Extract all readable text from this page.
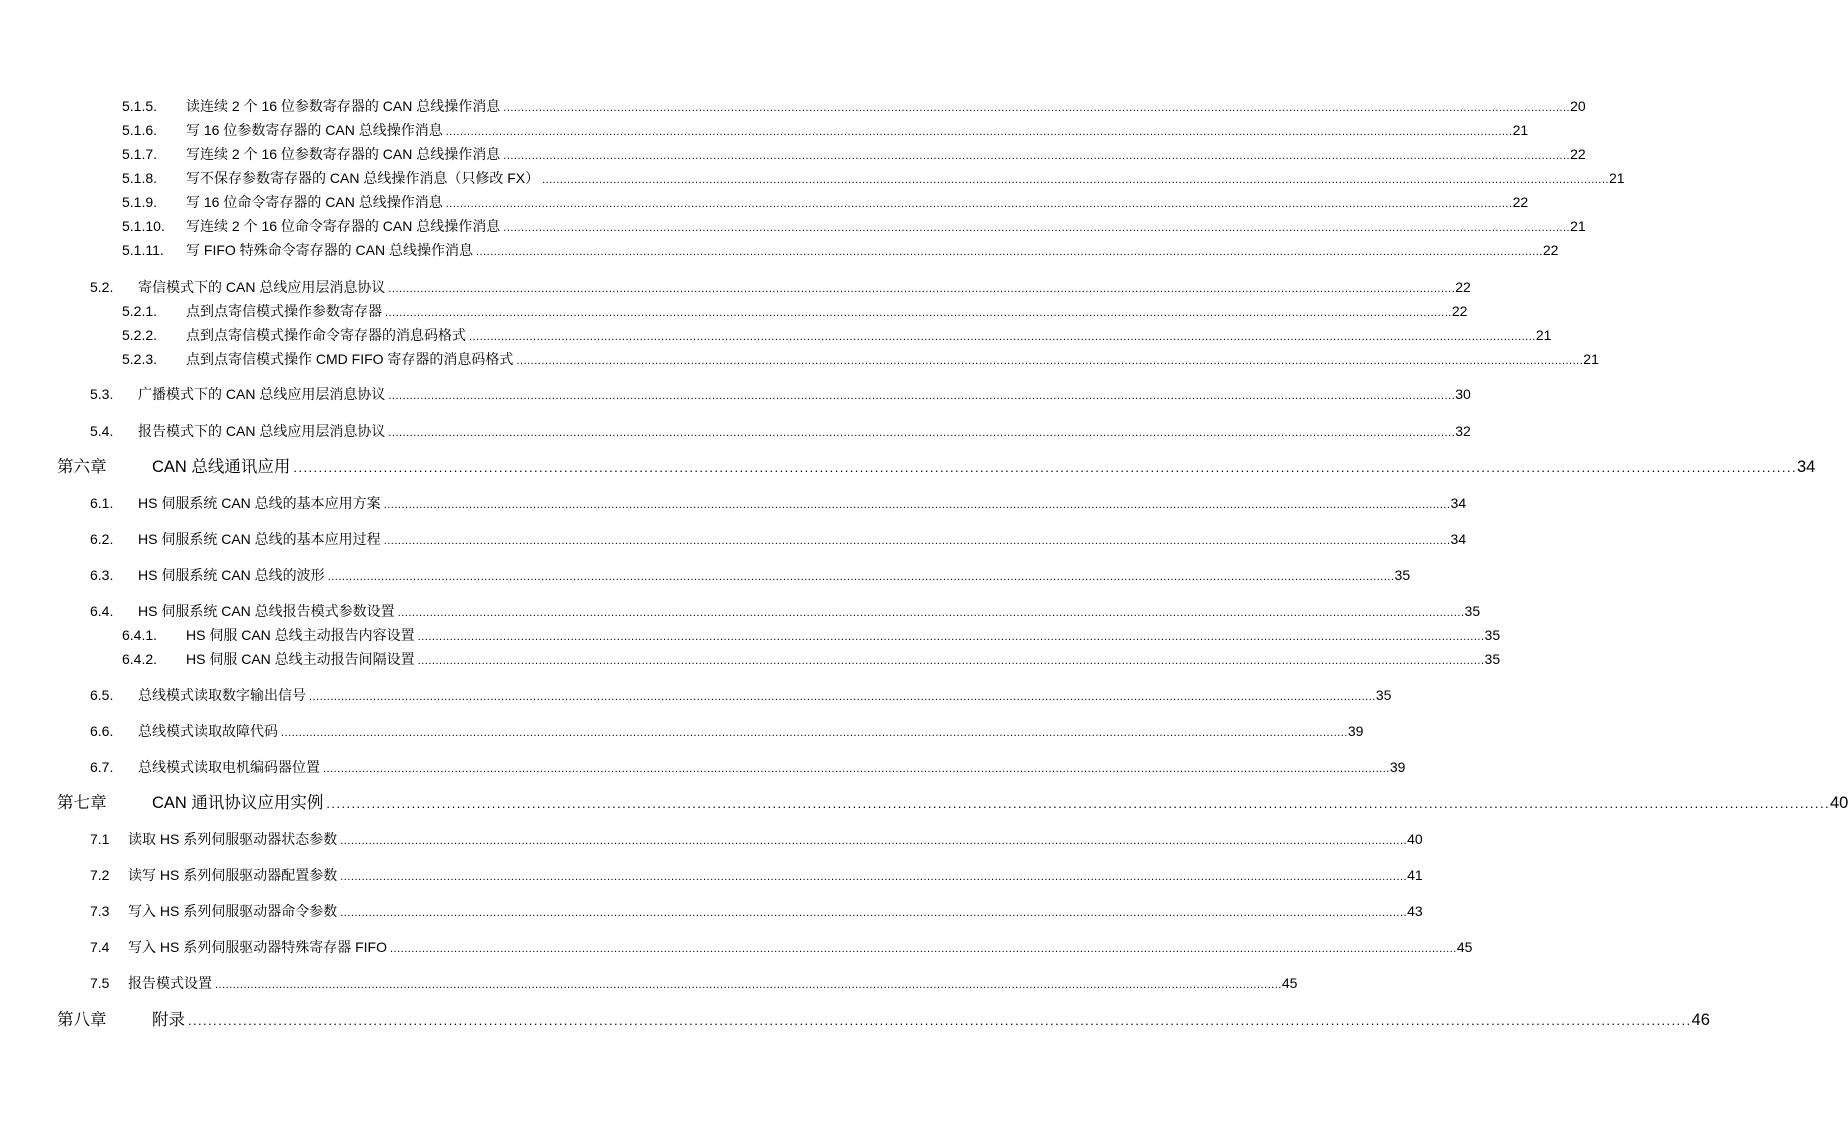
5.1.5.	读连续 2 个 16 位参数寄存器的 CAN 总线操作消息 ............................................................................................................................................................................................................................................................................................................ 20
5.1.6.	写 16 位参数寄存器的 CAN 总线操作消息 ............................................................................................................................................................................................................................................................................................................ 21
5.1.7.	写连续 2 个 16 位参数寄存器的 CAN 总线操作消息 ............................................................................................................................................................................................................................................................................................................ 22
5.1.8.	写不保存参数寄存器的 CAN 总线操作消息（只修改 FX） ............................................................................................................................................................................................................................................................................................................ 21
5.1.9.	写 16 位命令寄存器的 CAN 总线操作消息 ............................................................................................................................................................................................................................................................................................................ 22
5.1.10.	写连续 2 个 16 位命令寄存器的 CAN 总线操作消息 ............................................................................................................................................................................................................................................................................................................ 21
5.1.11.	写 FIFO 特殊命令寄存器的 CAN 总线操作消息 ............................................................................................................................................................................................................................................................................................................ 22
5.2.	寄信模式下的 CAN 总线应用层消息协议 ............................................................................................................................................................................................................................................................................................................ 22
5.2.1.	点到点寄信模式操作参数寄存器 ............................................................................................................................................................................................................................................................................................................ 22
5.2.2.	点到点寄信模式操作命令寄存器的消息码格式 ............................................................................................................................................................................................................................................................................................................ 21
5.2.3.	点到点寄信模式操作 CMD FIFO 寄存器的消息码格式 ............................................................................................................................................................................................................................................................................................................ 21
5.3.	广播模式下的 CAN 总线应用层消息协议 ............................................................................................................................................................................................................................................................................................................ 30
5.4.	报告模式下的 CAN 总线应用层消息协议 ............................................................................................................................................................................................................................................................................................................ 32
第六章	CAN 总线通讯应用 ............................................................................................................................................................................................................................................................................................................ 34
6.1.	HS 伺服系统 CAN 总线的基本应用方案 ............................................................................................................................................................................................................................................................................................................ 34
6.2.	HS 伺服系统 CAN 总线的基本应用过程 ............................................................................................................................................................................................................................................................................................................ 34
6.3.	HS 伺服系统 CAN 总线的波形 ............................................................................................................................................................................................................................................................................................................ 35
6.4.	HS 伺服系统 CAN 总线报告模式参数设置 ............................................................................................................................................................................................................................................................................................................ 35
6.4.1.	HS 伺服 CAN 总线主动报告内容设置 ............................................................................................................................................................................................................................................................................................................ 35
6.4.2.	HS 伺服 CAN 总线主动报告间隔设置 ............................................................................................................................................................................................................................................................................................................ 35
6.5.	总线模式读取数字输出信号 ............................................................................................................................................................................................................................................................................................................ 35
6.6.	总线模式读取故障代码 ............................................................................................................................................................................................................................................................................................................ 39
6.7.	总线模式读取电机编码器位置 ............................................................................................................................................................................................................................................................................................................ 39
第七章	CAN 通讯协议应用实例 ............................................................................................................................................................................................................................................................................................................ 40
7.1	读取 HS 系列伺服驱动器状态参数 ............................................................................................................................................................................................................................................................................................................ 40
7.2	读写 HS 系列伺服驱动器配置参数 ............................................................................................................................................................................................................................................................................................................ 41
7.3	写入 HS 系列伺服驱动器命令参数 ............................................................................................................................................................................................................................................................................................................ 43
7.4	写入 HS 系列伺服驱动器特殊寄存器 FIFO ............................................................................................................................................................................................................................................................................................................ 45
7.5	报告模式设置 ............................................................................................................................................................................................................................................................................................................ 45
第八章	附录 ............................................................................................................................................................................................................................................................................................................ 46
